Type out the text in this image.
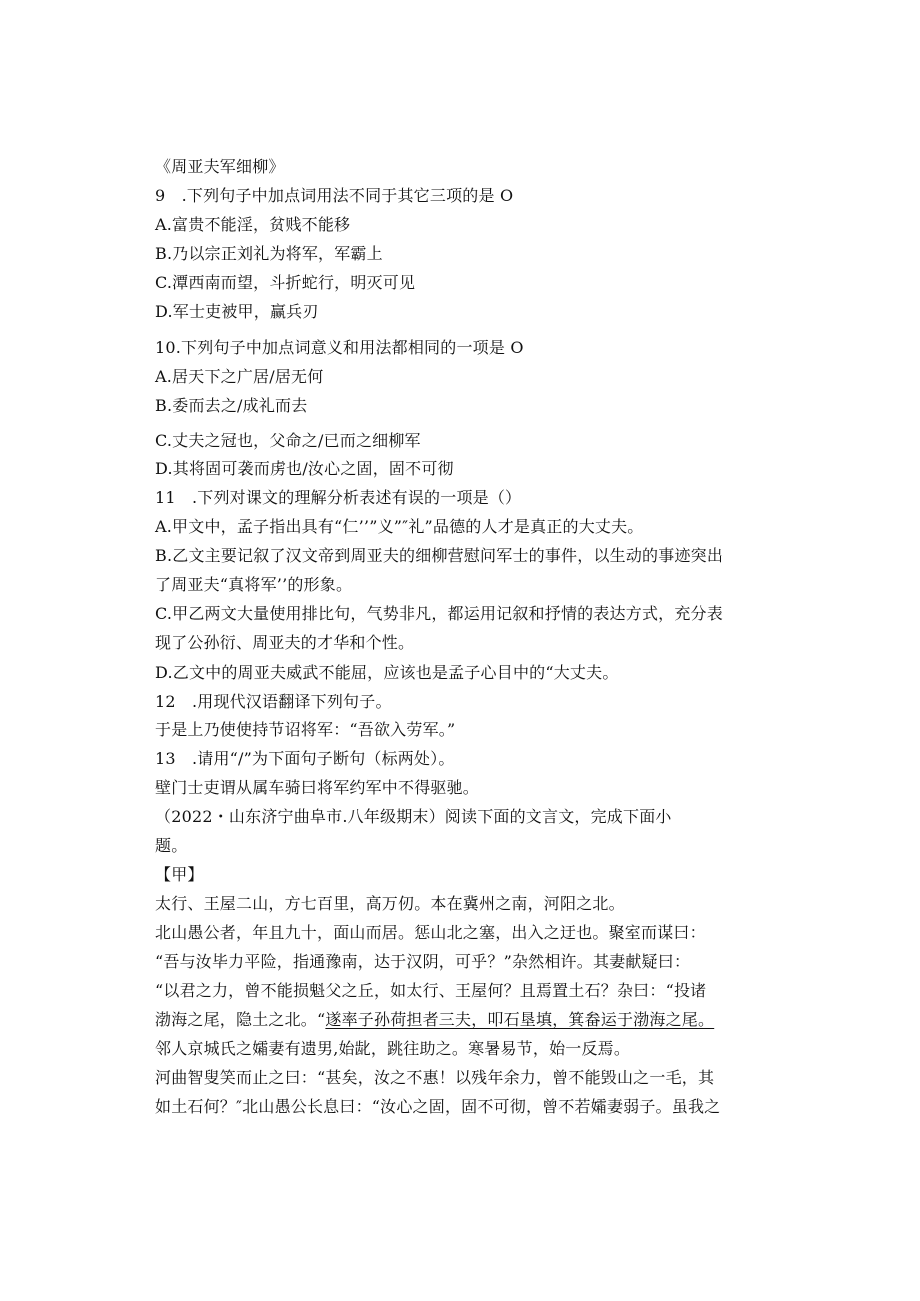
《周亚夫军细柳》
9　.下列句子中加点词用法不同于其它三项的是 O
A.富贵不能淫，贫贱不能移
B.乃以宗正刘礼为将军，军霸上
C.潭西南而望，斗折蛇行，明灭可见
D.军士吏被甲，赢兵刃
10.下列句子中加点词意义和用法都相同的一项是 O
A.居天下之广居/居无何
B.委而去之/成礼而去
C.丈夫之冠也，父命之/已而之细柳军
D.其将固可袭而虏也/汝心之固，固不可彻
11　.下列对课文的理解分析表述有误的一项是（）
A.甲文中，孟子指出具有“仁’’”义”″礼”品德的人才是真正的大丈夫。
B.乙文主要记叙了汉文帝到周亚夫的细柳营慰问军士的事件，以生动的事迹突出
了周亚夫“真将军’’的形象。
C.甲乙两文大量使用排比句，气势非凡，都运用记叙和抒情的表达方式，充分表
现了公孙衍、周亚夫的才华和个性。
D.乙文中的周亚夫威武不能屈，应该也是孟子心目中的“大丈夫。
12　.用现代汉语翻译下列句子。
于是上乃使使持节诏将军：“吾欲入劳军。”
13　.请用“/”为下面句子断句（标两处）。
壁门士吏谓从属车骑曰将军约军中不得驱驰。
（2022・山东济宁曲阜市.八年级期末）阅读下面的文言文，完成下面小
题。
【甲】
太行、王屋二山，方七百里，高万仞。本在冀州之南，河阳之北。
北山愚公者，年且九十，面山而居。惩山北之塞，出入之迂也。聚室而谋曰：
“吾与汝毕力平险，指通豫南，达于汉阴，可乎？”杂然相许。其妻献疑曰：
“以君之力，曾不能损魁父之丘，如太行、王屋何？且焉置土石？杂曰：“投诸
渤海之尾，隐土之北。“遂率子孙荷担者三夫，叩石垦填，箕畚运于渤海之尾。
邻人京城氏之孀妻有遗男,始龀，跳往助之。寒暑易节，始一反焉。
河曲智叟笑而止之曰：“甚矣，汝之不惠！以残年余力，曾不能毁山之一毛，其
如土石何？″北山愚公长息曰：“汝心之固，固不可彻，曾不若孀妻弱子。虽我之
